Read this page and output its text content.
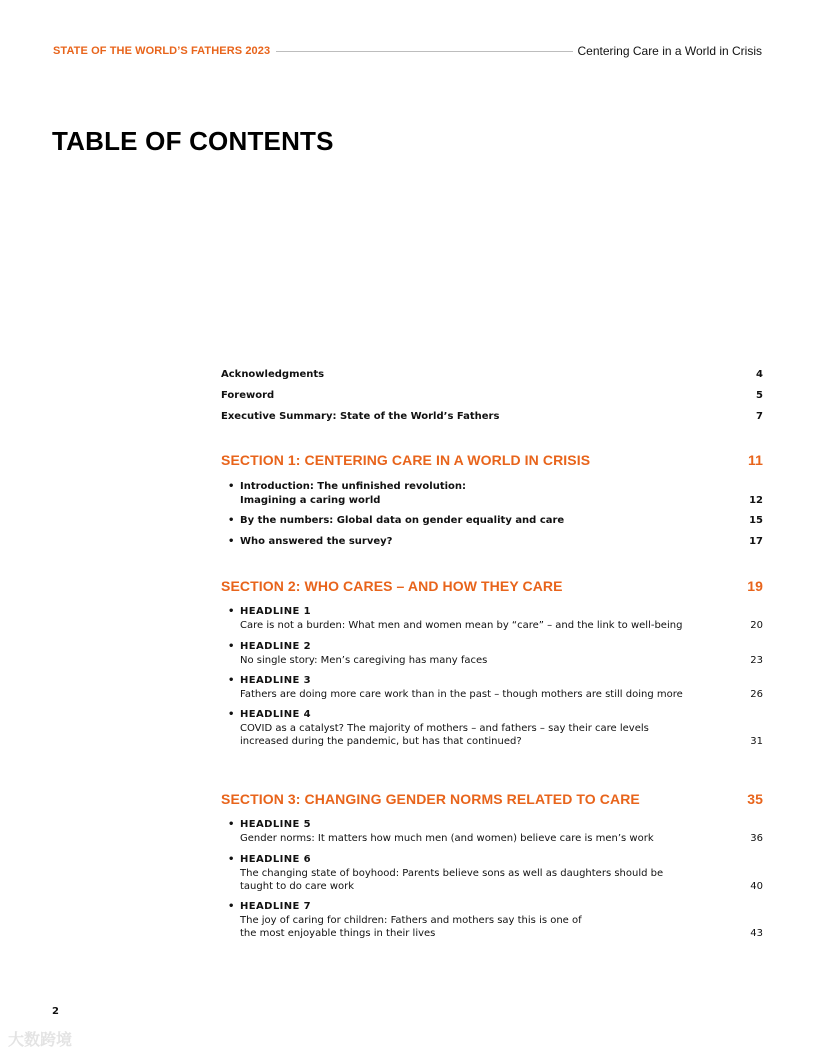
STATE OF THE WORLD’S FATHERS 2023	Centering Care in a World in Crisis
TABLE OF CONTENTS
Acknowledgments	4
Foreword	5
Executive Summary: State of the World’s Fathers	7
SECTION 1: CENTERING CARE IN A WORLD IN CRISIS	11
• Introduction: The unfinished revolution:
Imagining a caring world	12
• By the numbers: Global data on gender equality and care	15
• Who answered the survey?	17
SECTION 2: WHO CARES – AND HOW THEY CARE	19
• HEADLINE 1
Care is not a burden: What men and women mean by “care” – and the link to well-being	20
• HEADLINE 2
No single story: Men’s caregiving has many faces	23
• HEADLINE 3
Fathers are doing more care work than in the past – though mothers are still doing more	26
• HEADLINE 4
COVID as a catalyst? The majority of mothers – and fathers – say their care levels
increased during the pandemic, but has that continued?	31
SECTION 3: CHANGING GENDER NORMS RELATED TO CARE	35
• HEADLINE 5
Gender norms: It matters how much men (and women) believe care is men’s work	36
• HEADLINE 6
The changing state of boyhood: Parents believe sons as well as daughters should be
taught to do care work	40
• HEADLINE 7
The joy of caring for children: Fathers and mothers say this is one of
the most enjoyable things in their lives	43
2
大数跨境
